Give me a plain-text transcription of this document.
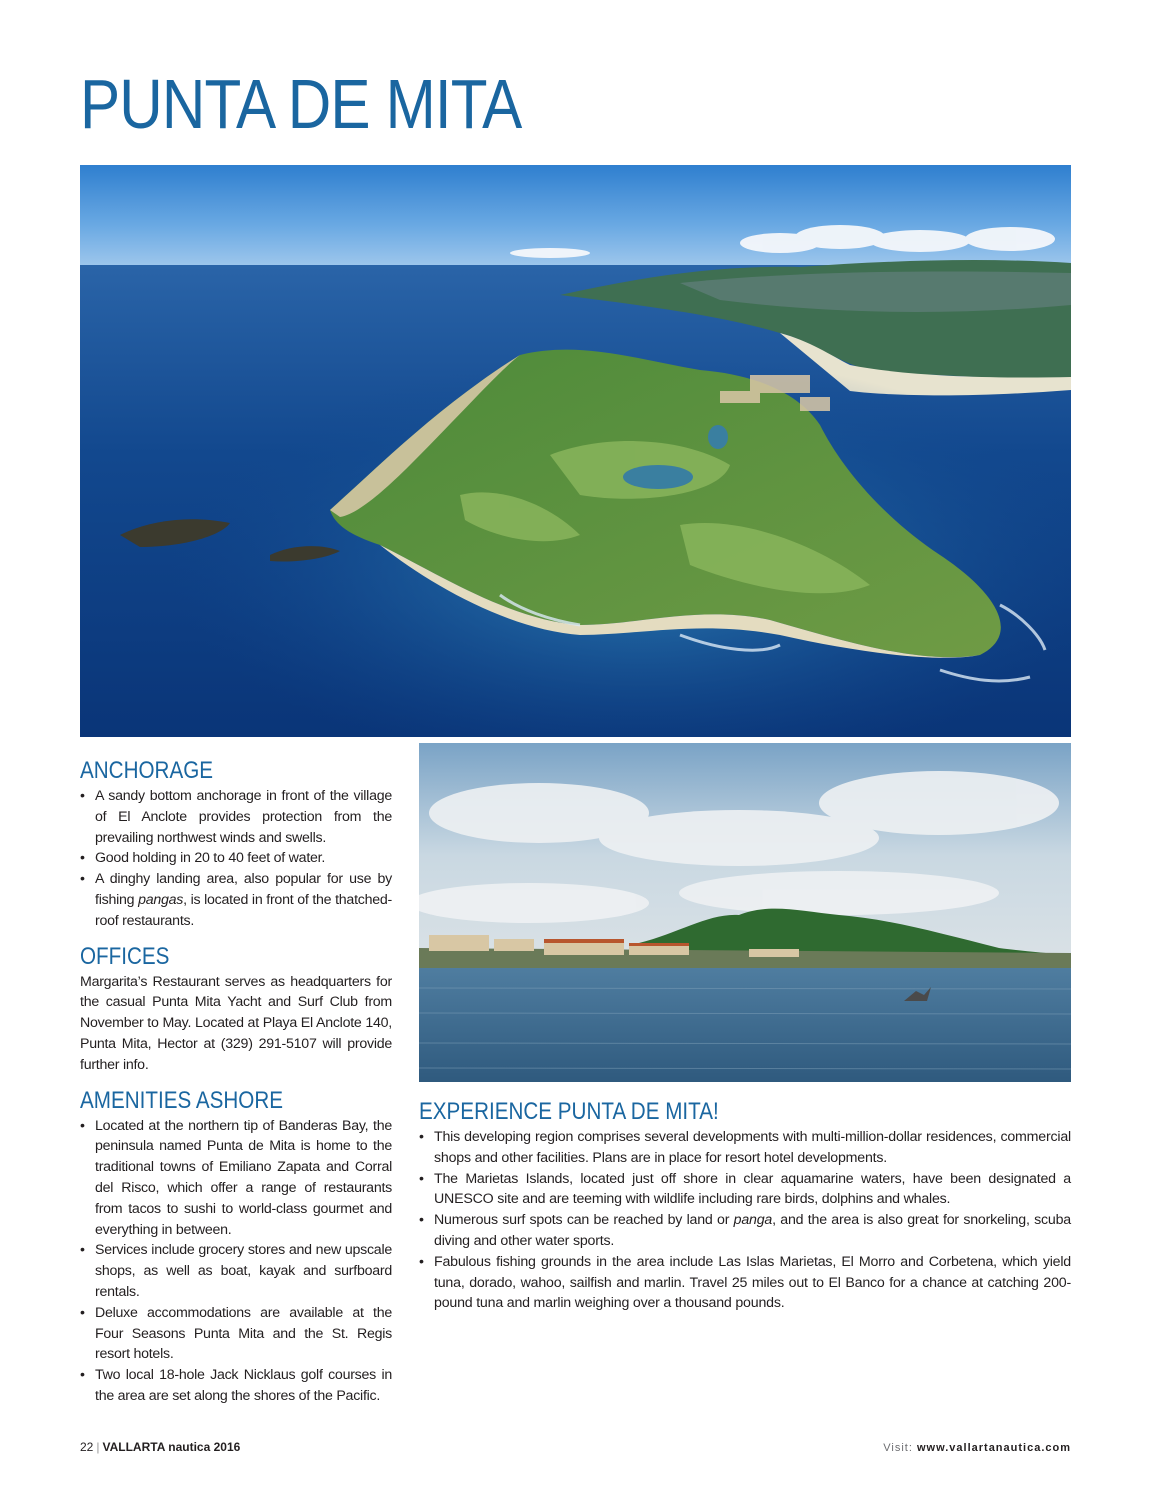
PUNTA DE MITA
ANCHORAGE
• A sandy bottom anchorage in front of the village of El Anclote provides protection from the prevailing northwest winds and swells.
• Good holding in 20 to 40 feet of water.
• A dinghy landing area, also popular for use by fishing pangas, is located in front of the thatched-roof restaurants.
OFFICES

Margarita’s Restaurant serves as headquarters for the casual Punta Mita Yacht and Surf Club from November to May. Located at Playa El Anclote 140, Punta Mita, Hector at (329) 291-5107 will provide further info.

AMENITIES ASHORE
• Located at the northern tip of Banderas Bay, the peninsula named Punta de Mita is home to the traditional towns of Emiliano Zapata and Corral del Risco, which offer a range of restaurants from tacos to sushi to world-class gourmet and everything in between.
• Services include grocery stores and new upscale shops, as well as boat, kayak and surfboard rentals.
• Deluxe accommodations are available at the Four Seasons Punta Mita and the St. Regis resort hotels.
• Two local 18-hole Jack Nicklaus golf courses in the area are set along the shores of the Pacific.
EXPERIENCE PUNTA DE MITA!
• This developing region comprises several developments with multi-million-dollar residences, commercial shops and other facilities. Plans are in place for resort hotel developments.
• The Marietas Islands, located just off shore in clear aquamarine waters, have been designated a UNESCO site and are teeming with wildlife including rare birds, dolphins and whales.
• Numerous surf spots can be reached by land or panga, and the area is also great for snorkeling, scuba diving and other water sports.
• Fabulous fishing grounds in the area include Las Islas Marietas, El Morro and Corbetena, which yield tuna, dorado, wahoo, sailfish and marlin. Travel 25 miles out to El Banco for a chance at catching 200-pound tuna and marlin weighing over a thousand pounds.
22 | VALLARTA nautica 2016	Visit: www.vallartanautica.com
